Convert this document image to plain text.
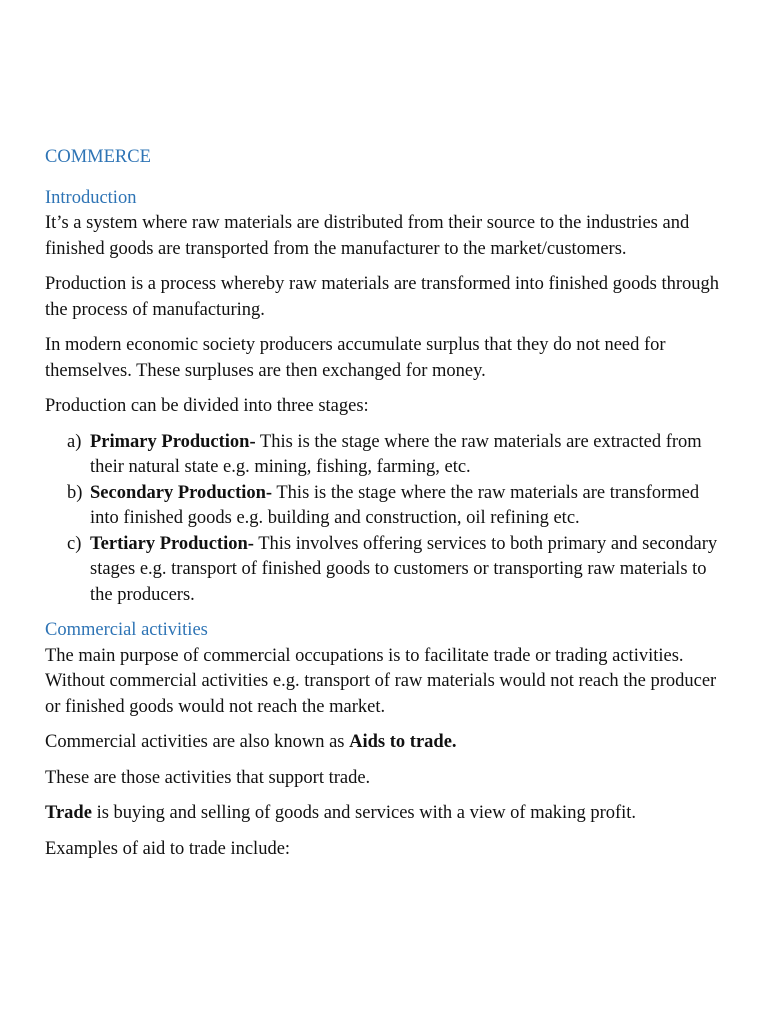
COMMERCE
Introduction

It’s a system where raw materials are distributed from their source to the industries and finished goods are transported from the manufacturer to the market/customers.

Production is a process whereby raw materials are transformed into finished goods through the process of manufacturing.

In modern economic society producers accumulate surplus that they do not need for themselves. These surpluses are then exchanged for money.

Production can be divided into three stages:

a) Primary Production- This is the stage where the raw materials are extracted from their natural state e.g. mining, fishing, farming, etc.
b) Secondary Production- This is the stage where the raw materials are transformed into finished goods e.g. building and construction, oil refining etc.
c) Tertiary Production- This involves offering services to both primary and secondary stages e.g. transport of finished goods to customers or transporting raw materials to the producers.
Commercial activities

The main purpose of commercial occupations is to facilitate trade or trading activities. Without commercial activities e.g. transport of raw materials would not reach the producer or finished goods would not reach the market.

Commercial activities are also known as Aids to trade.

These are those activities that support trade.

Trade is buying and selling of goods and services with a view of making profit.

Examples of aid to trade include:
